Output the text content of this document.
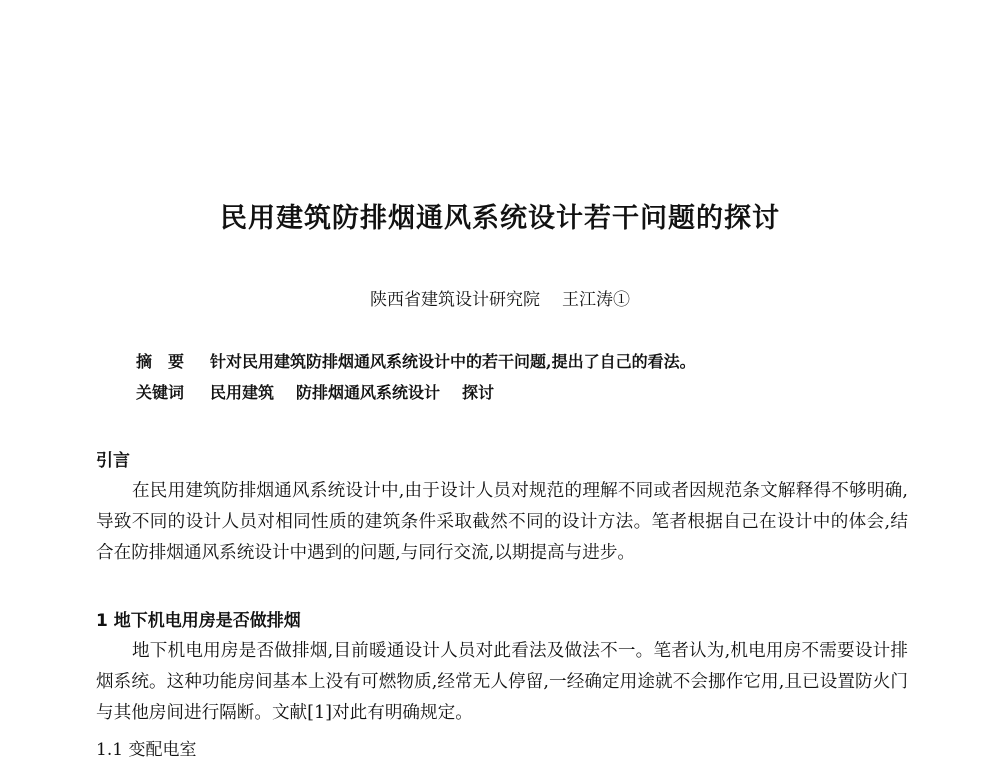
民用建筑防排烟通风系统设计若干问题的探讨
陕西省建筑设计研究院 王江涛①
摘　要 针对民用建筑防排烟通风系统设计中的若干问题,提出了自己的看法。
关键词 民用建筑 防排烟通风系统设计 探讨
引言

在民用建筑防排烟通风系统设计中,由于设计人员对规范的理解不同或者因规范条文解释得不够明确,导致不同的设计人员对相同性质的建筑条件采取截然不同的设计方法。笔者根据自己在设计中的体会,结合在防排烟通风系统设计中遇到的问题,与同行交流,以期提高与进步。

1 地下机电用房是否做排烟

地下机电用房是否做排烟,目前暖通设计人员对此看法及做法不一。笔者认为,机电用房不需要设计排烟系统。这种功能房间基本上没有可燃物质,经常无人停留,一经确定用途就不会挪作它用,且已设置防火门与其他房间进行隔断。文献[1]对此有明确规定。

1.1 变配电室
